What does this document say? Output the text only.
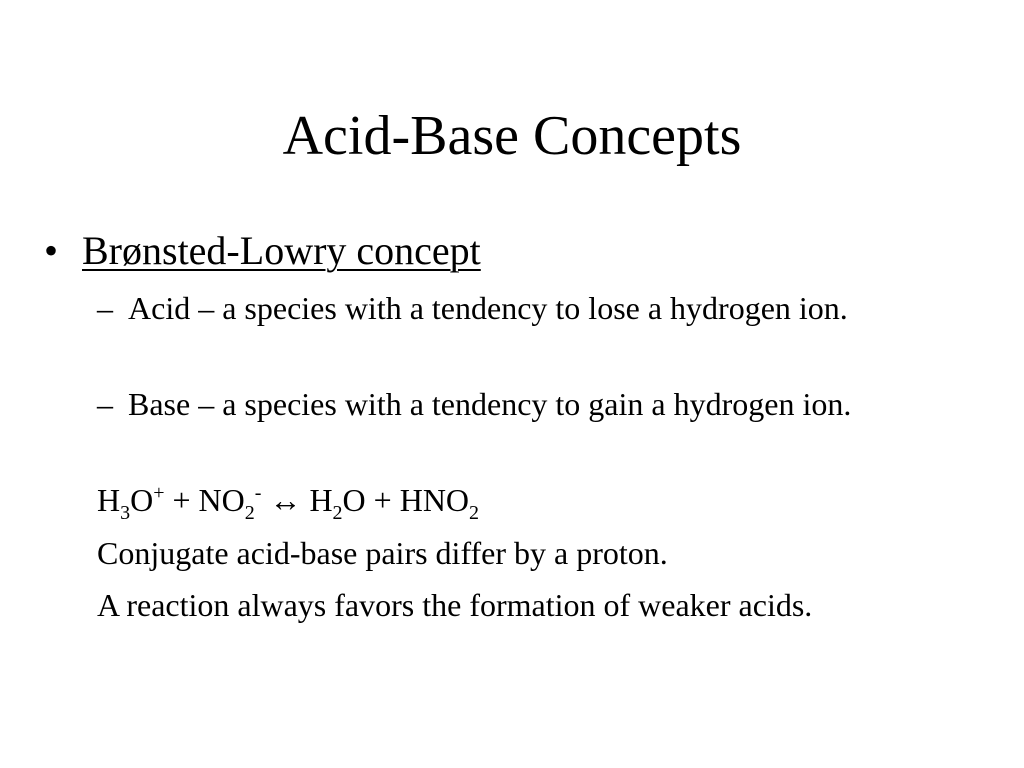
Acid-Base Concepts
• Brønsted-Lowry concept
– Acid – a species with a tendency to lose a hydrogen ion.
– Base – a species with a tendency to gain a hydrogen ion.
$H_3O^+ + NO_2^-$ ↔ $H_2O + HNO_2$
Conjugate acid-base pairs differ by a proton.
A reaction always favors the formation of weaker acids.
